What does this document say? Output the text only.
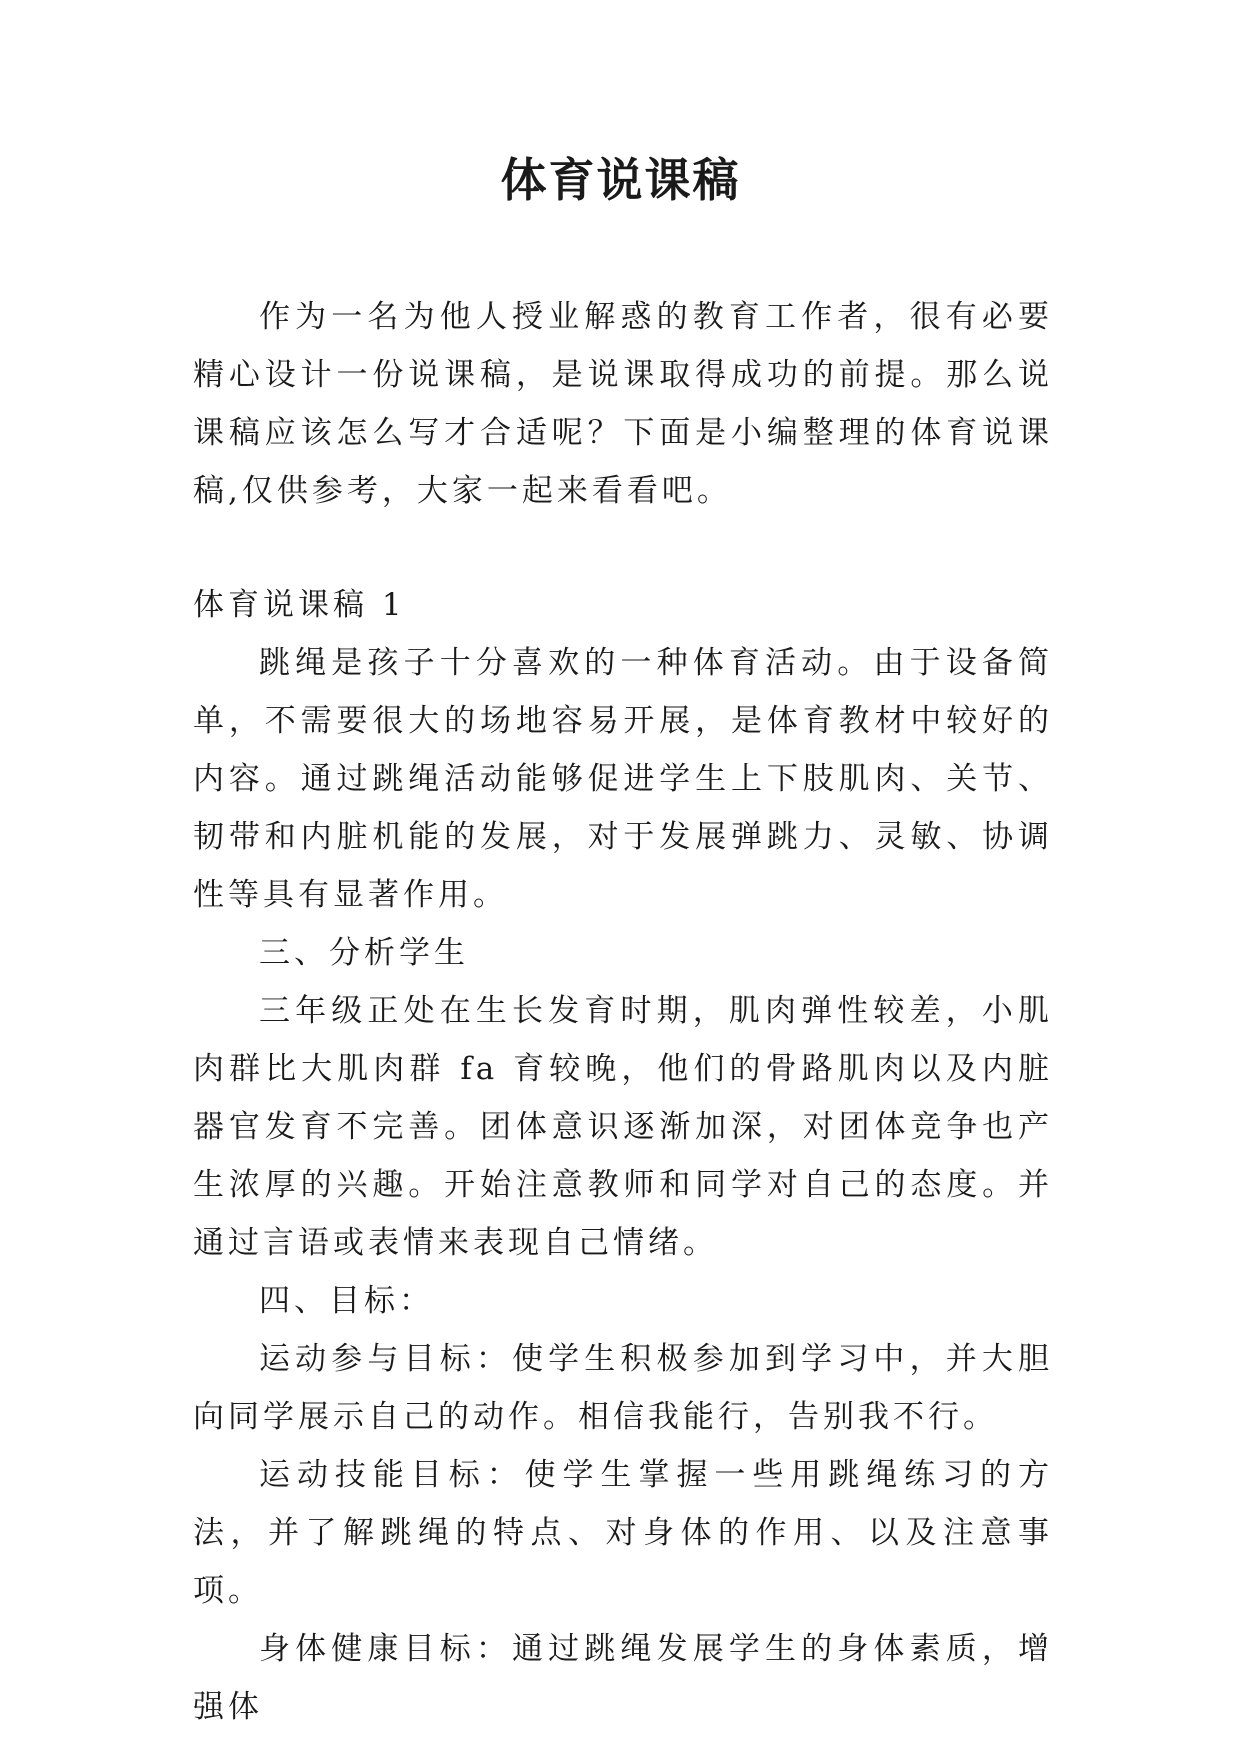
体育说课稿

作为一名为他人授业解惑的教育工作者，很有必要精心设计一份说课稿，是说课取得成功的前提。那么说课稿应该怎么写才合适呢？下面是小编整理的体育说课稿,仅供参考，大家一起来看看吧。

体育说课稿 1

跳绳是孩子十分喜欢的一种体育活动。由于设备简单，不需要很大的场地容易开展，是体育教材中较好的内容。通过跳绳活动能够促进学生上下肢肌肉、关节、韧带和内脏机能的发展，对于发展弹跳力、灵敏、协调性等具有显著作用。

三、分析学生

三年级正处在生长发育时期，肌肉弹性较差，小肌肉群比大肌肉群 fa 育较晚，他们的骨路肌肉以及内脏器官发育不完善。团体意识逐渐加深，对团体竞争也产生浓厚的兴趣。开始注意教师和同学对自己的态度。并通过言语或表情来表现自己情绪。

四、目标：

运动参与目标：使学生积极参加到学习中，并大胆向同学展示自己的动作。相信我能行，告别我不行。

运动技能目标：使学生掌握一些用跳绳练习的方法，并了解跳绳的特点、对身体的作用、以及注意事项。

身体健康目标：通过跳绳发展学生的身体素质，增强体
